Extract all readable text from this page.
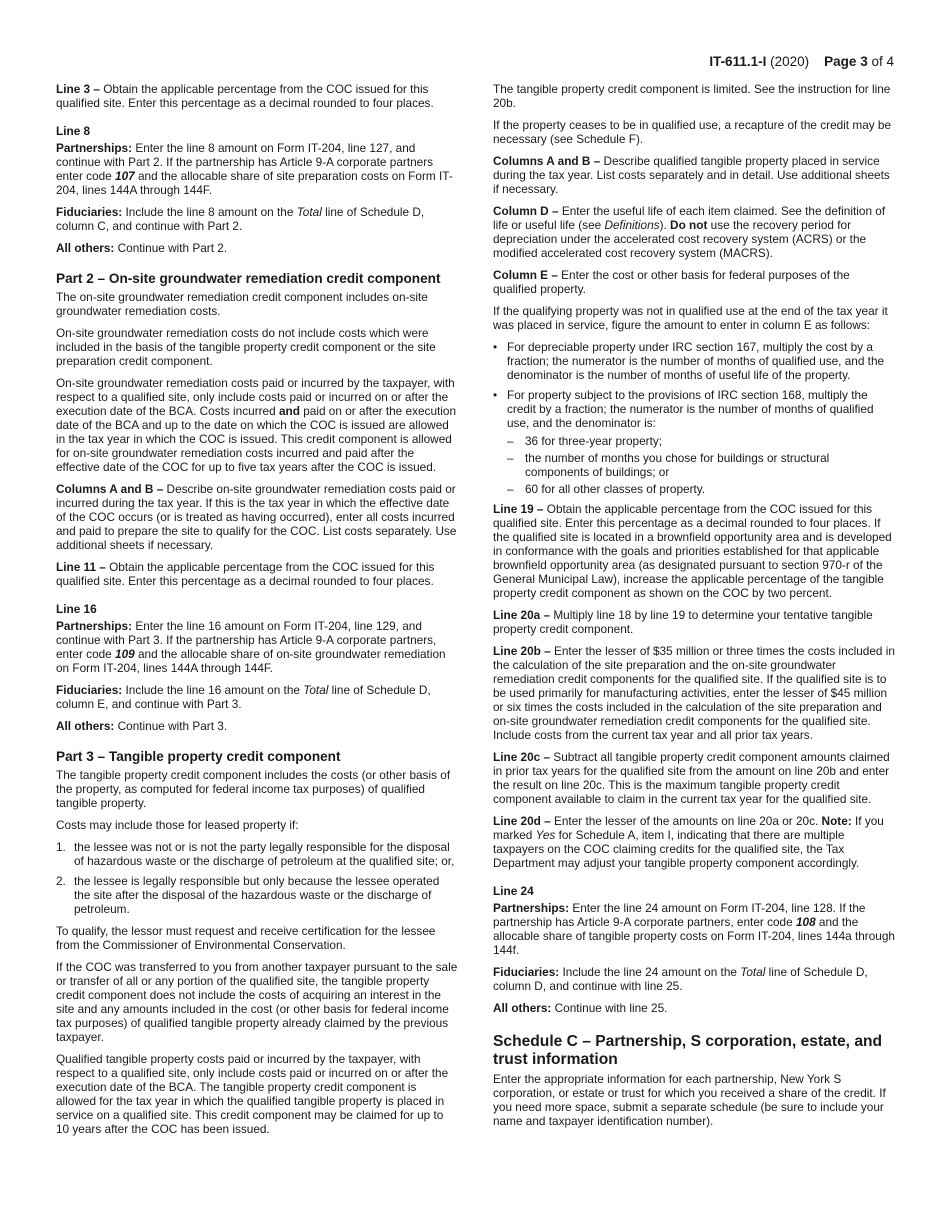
IT-611.1-I (2020) Page 3 of 4

Line 3 – Obtain the applicable percentage from the COC issued for this qualified site. Enter this percentage as a decimal rounded to four places.

Line 8

Partnerships: Enter the line 8 amount on Form IT-204, line 127, and continue with Part 2. If the partnership has Article 9-A corporate partners enter code 107 and the allocable share of site preparation costs on Form IT-204, lines 144A through 144F.

Fiduciaries: Include the line 8 amount on the Total line of Schedule D, column C, and continue with Part 2.

All others: Continue with Part 2.

Part 2 – On-site groundwater remediation credit component

The on-site groundwater remediation credit component includes on-site groundwater remediation costs.

On-site groundwater remediation costs do not include costs which were included in the basis of the tangible property credit component or the site preparation credit component.

On-site groundwater remediation costs paid or incurred by the taxpayer, with respect to a qualified site, only include costs paid or incurred on or after the execution date of the BCA. Costs incurred and paid on or after the execution date of the BCA and up to the date on which the COC is issued are allowed in the tax year in which the COC is issued. This credit component is allowed for on-site groundwater remediation costs incurred and paid after the effective date of the COC for up to five tax years after the COC is issued.

Columns A and B – Describe on-site groundwater remediation costs paid or incurred during the tax year. If this is the tax year in which the effective date of the COC occurs (or is treated as having occurred), enter all costs incurred and paid to prepare the site to qualify for the COC. List costs separately. Use additional sheets if necessary.

Line 11 – Obtain the applicable percentage from the COC issued for this qualified site. Enter this percentage as a decimal rounded to four places.

Line 16

Partnerships: Enter the line 16 amount on Form IT-204, line 129, and continue with Part 3. If the partnership has Article 9-A corporate partners, enter code 109 and the allocable share of on-site groundwater remediation on Form IT-204, lines 144A through 144F.

Fiduciaries: Include the line 16 amount on the Total line of Schedule D, column E, and continue with Part 3.

All others: Continue with Part 3.

Part 3 – Tangible property credit component

The tangible property credit component includes the costs (or other basis of the property, as computed for federal income tax purposes) of qualified tangible property.

Costs may include those for leased property if:

1. the lessee was not or is not the party legally responsible for the disposal of hazardous waste or the discharge of petroleum at the qualified site; or,
2. the lessee is legally responsible but only because the lessee operated the site after the disposal of the hazardous waste or the discharge of petroleum.

To qualify, the lessor must request and receive certification for the lessee from the Commissioner of Environmental Conservation.

If the COC was transferred to you from another taxpayer pursuant to the sale or transfer of all or any portion of the qualified site, the tangible property credit component does not include the costs of acquiring an interest in the site and any amounts included in the cost (or other basis for federal income tax purposes) of qualified tangible property already claimed by the previous taxpayer.

Qualified tangible property costs paid or incurred by the taxpayer, with respect to a qualified site, only include costs paid or incurred on or after the execution date of the BCA. The tangible property credit component is allowed for the tax year in which the qualified tangible property is placed in service on a qualified site. This credit component may be claimed for up to 10 years after the COC has been issued.

The tangible property credit component is limited. See the instruction for line 20b.

If the property ceases to be in qualified use, a recapture of the credit may be necessary (see Schedule F).

Columns A and B – Describe qualified tangible property placed in service during the tax year. List costs separately and in detail. Use additional sheets if necessary.

Column D – Enter the useful life of each item claimed. See the definition of life or useful life (see Definitions). Do not use the recovery period for depreciation under the accelerated cost recovery system (ACRS) or the modified accelerated cost recovery system (MACRS).

Column E – Enter the cost or other basis for federal purposes of the qualified property.

If the qualifying property was not in qualified use at the end of the tax year it was placed in service, figure the amount to enter in column E as follows:

• For depreciable property under IRC section 167, multiply the cost by a fraction; the numerator is the number of months of qualified use, and the denominator is the number of months of useful life of the property.
• For property subject to the provisions of IRC section 168, multiply the credit by a fraction; the numerator is the number of months of qualified use, and the denominator is:
– 36 for three-year property;
– the number of months you chose for buildings or structural components of buildings; or
– 60 for all other classes of property.

Line 19 – Obtain the applicable percentage from the COC issued for this qualified site. Enter this percentage as a decimal rounded to four places. If the qualified site is located in a brownfield opportunity area and is developed in conformance with the goals and priorities established for that applicable brownfield opportunity area (as designated pursuant to section 970-r of the General Municipal Law), increase the applicable percentage of the tangible property credit component as shown on the COC by two percent.

Line 20a – Multiply line 18 by line 19 to determine your tentative tangible property credit component.

Line 20b – Enter the lesser of $35 million or three times the costs included in the calculation of the site preparation and the on-site groundwater remediation credit components for the qualified site. If the qualified site is to be used primarily for manufacturing activities, enter the lesser of $45 million or six times the costs included in the calculation of the site preparation and on-site groundwater remediation credit components for the qualified site. Include costs from the current tax year and all prior tax years.

Line 20c – Subtract all tangible property credit component amounts claimed in prior tax years for the qualified site from the amount on line 20b and enter the result on line 20c. This is the maximum tangible property credit component available to claim in the current tax year for the qualified site.

Line 20d – Enter the lesser of the amounts on line 20a or 20c. Note: If you marked Yes for Schedule A, item I, indicating that there are multiple taxpayers on the COC claiming credits for the qualified site, the Tax Department may adjust your tangible property component accordingly.

Line 24

Partnerships: Enter the line 24 amount on Form IT-204, line 128. If the partnership has Article 9-A corporate partners, enter code 108 and the allocable share of tangible property costs on Form IT-204, lines 144a through 144f.

Fiduciaries: Include the line 24 amount on the Total line of Schedule D, column D, and continue with line 25.

All others: Continue with line 25.

Schedule C – Partnership, S corporation, estate, and trust information

Enter the appropriate information for each partnership, New York S corporation, or estate or trust for which you received a share of the credit. If you need more space, submit a separate schedule (be sure to include your name and taxpayer identification number).
